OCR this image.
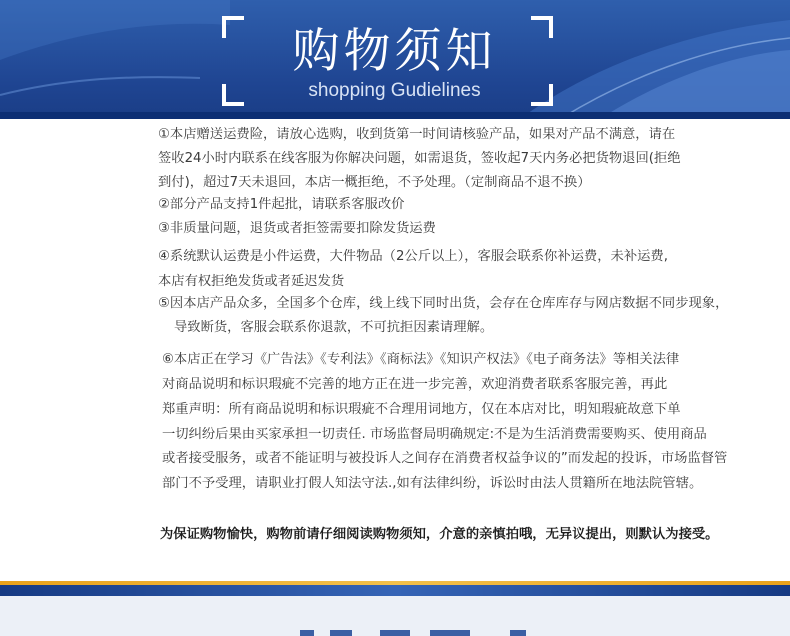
购物须知
shopping Gudielines
①本店赠送运费险，请放心选购，收到货第一时间请核验产品，如果对产品不满意，请在
签收24小时内联系在线客服为你解决问题，如需退货，签收起7天内务必把货物退回(拒绝
到付)，超过7天未退回，本店一概拒绝，不予处理。（定制商品不退不换）
②部分产品支持1件起批，请联系客服改价
③非质量问题，退货或者拒签需要扣除发货运费
④系统默认运费是小件运费，大件物品（2公斤以上），客服会联系你补运费，未补运费,
本店有权拒绝发货或者延迟发货
⑤因本店产品众多，全国多个仓库，线上线下同时出货，会存在仓库库存与网店数据不同步现象，
导致断货，客服会联系你退款，不可抗拒因素请理解。
⑥本店正在学习《广告法》《专利法》《商标法》《知识产权法》《电子商务法》等相关法律
对商品说明和标识瑕疵不完善的地方正在进一步完善，欢迎消费者联系客服完善，再此
郑重声明：所有商品说明和标识瑕疵不合理用词地方，仅在本店对比，明知瑕疵故意下单
一切纠纷后果由买家承担一切责任. 市场监督局明确规定:不是为生活消费需要购买、使用商品
或者接受服务，或者不能证明与被投诉人之间存在消费者权益争议的”而发起的投诉，市场监督管
部门不予受理，请职业打假人知法守法.,如有法律纠纷，诉讼时由法人贯籍所在地法院管辖。
为保证购物愉快，购物前请仔细阅读购物须知，介意的亲慎拍哦，无异议提出，则默认为接受。
